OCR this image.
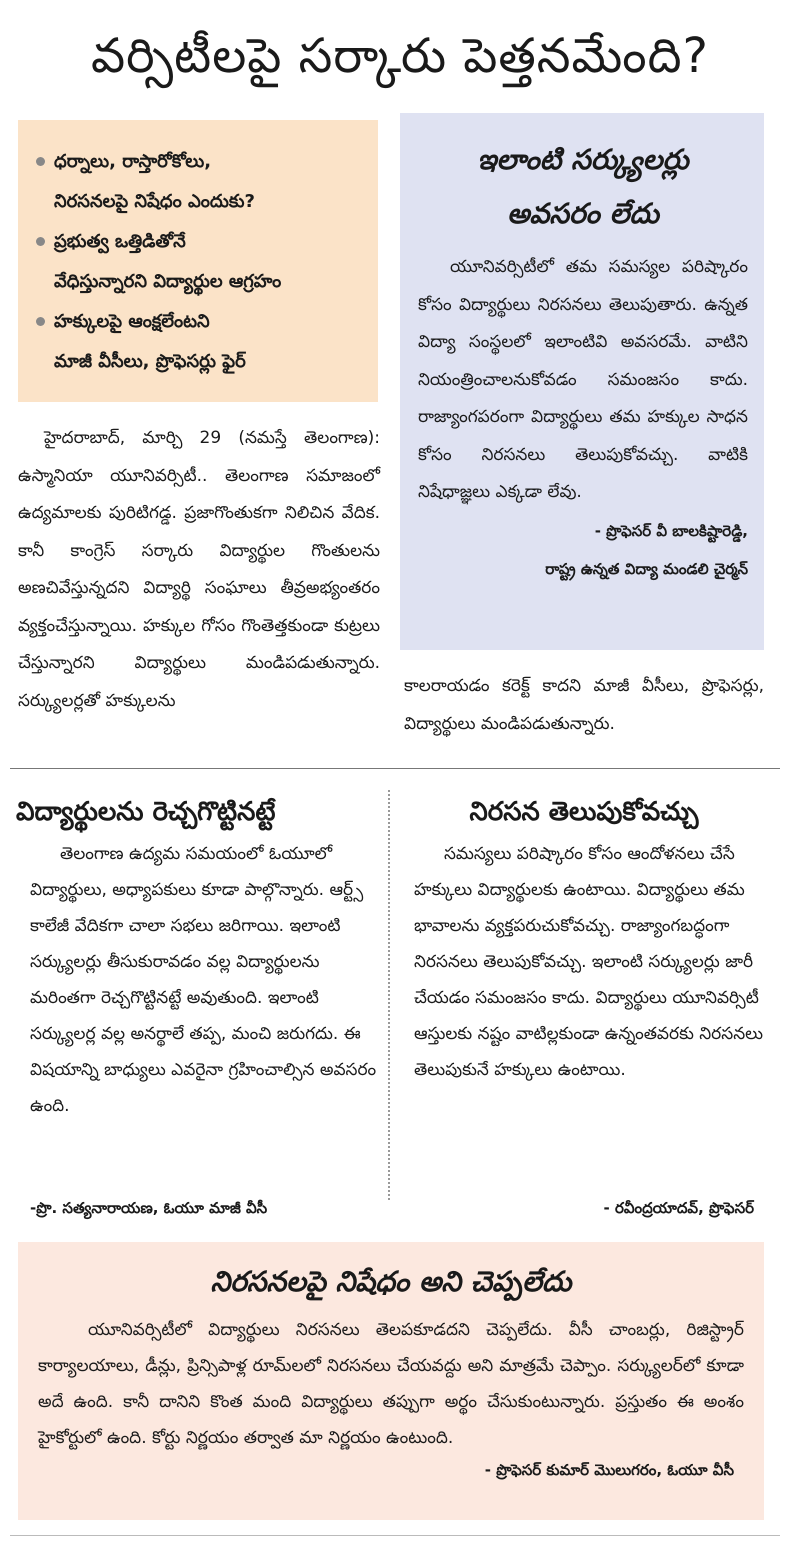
వర్సిటీలపై సర్కారు పెత్తనమేంది?
ధర్నాలు, రాస్తారోకోలు,
నిరసనలపై నిషేధం ఎందుకు?
ప్రభుత్వ ఒత్తిడితోనే
వేధిస్తున్నారని విద్యార్థుల ఆగ్రహం
హక్కులపై ఆంక్షలేంటని
మాజీ వీసీలు, ప్రొఫెసర్లు ఫైర్
ఇలాంటి సర్క్యులర్లు
అవసరం లేదు

యూనివర్సిటీలో తమ సమస్యల పరిష్కారం కోసం విద్యార్థులు నిరసనలు తెలుపుతారు. ఉన్నత విద్యా సంస్థలలో ఇలాంటివి అవసరమే. వాటిని నియంత్రించాలనుకోవడం సమంజసం కాదు. రాజ్యాంగపరంగా విద్యార్థులు తమ హక్కుల సాధన కోసం నిరసనలు తెలుపుకోవచ్చు. వాటికి నిషేధాజ్ఞలు ఎక్కడా లేవు.

- ప్రొఫెసర్ వీ బాలకిష్టారెడ్డి,
రాష్ట్ర ఉన్నత విద్యా మండలి చైర్మన్

హైదరాబాద్, మార్చి 29 (నమస్తే తెలంగాణ): ఉస్మానియా యూనివర్సిటీ.. తెలంగాణ సమాజంలో ఉద్యమాలకు పురిటిగడ్డ. ప్రజాగొంతుకగా నిలిచిన వేదిక. కానీ కాంగ్రెస్ సర్కారు విద్యార్థుల గొంతులను అణచివేస్తున్నదని విద్యార్థి సంఘాలు తీవ్రఅభ్యంతరం వ్యక్తంచేస్తున్నాయి. హక్కుల గోసం గొంతెత్తకుండా కుట్రలు చేస్తున్నారని విద్యార్థులు మండిపడుతున్నారు. సర్క్యులర్లతో హక్కులను

కాలరాయడం కరెక్ట్ కాదని మాజీ వీసీలు, ప్రొఫెసర్లు, విద్యార్థులు మండిపడుతున్నారు.

విద్యార్థులను రెచ్చగొట్టినట్టే

తెలంగాణ ఉద్యమ సమయంలో ఓయూలో విద్యార్థులు, అధ్యాపకులు కూడా పాల్గొన్నారు. ఆర్ట్స్ కాలేజీ వేదికగా చాలా సభలు జరిగాయి. ఇలాంటి సర్క్యులర్లు తీసుకురావడం వల్ల విద్యార్థులను మరింతగా రెచ్చగొట్టినట్టే అవుతుంది. ఇలాంటి సర్క్యులర్ల వల్ల అనర్థాలే తప్ప, మంచి జరుగదు. ఈ విషయాన్ని బాధ్యులు ఎవరైనా గ్రహించాల్సిన అవసరం ఉంది.

-ప్రొ. సత్యనారాయణ, ఓయూ మాజీ వీసీ
నిరసన తెలుపుకోవచ్చు

సమస్యలు పరిష్కారం కోసం ఆందోళనలు చేసే హక్కులు విద్యార్థులకు ఉంటాయి. విద్యార్థులు తమ భావాలను వ్యక్తపరుచుకోవచ్చు. రాజ్యాంగబద్ధంగా నిరసనలు తెలుపుకోవచ్చు. ఇలాంటి సర్క్యులర్లు జారీ చేయడం సమంజసం కాదు. విద్యార్థులు యూనివర్సిటీ ఆస్తులకు నష్టం వాటిల్లకుండా ఉన్నంతవరకు నిరసనలు తెలుపుకునే హక్కులు ఉంటాయి.

- రవీంద్రయాదవ్, ప్రొఫెసర్
నిరసనలపై నిషేధం అని చెప్పలేదు

యూనివర్సిటీలో విద్యార్థులు నిరసనలు తెలపకూడదని చెప్పలేదు. వీసీ చాంబర్లు, రిజిస్ట్రార్ కార్యాలయాలు, డీన్లు, ప్రిన్సిపాళ్ల రూమ్‌లలో నిరసనలు చేయవద్దు అని మాత్రమే చెప్పాం. సర్క్యులర్‌లో కూడా అదే ఉంది. కానీ దానిని కొంత మంది విద్యార్థులు తప్పుగా అర్థం చేసుకుంటున్నారు. ప్రస్తుతం ఈ అంశం హైకోర్టులో ఉంది. కోర్టు నిర్ణయం తర్వాత మా నిర్ణయం ఉంటుంది.

- ప్రొఫెసర్ కుమార్ మొలుగరం, ఓయూ వీసీ
